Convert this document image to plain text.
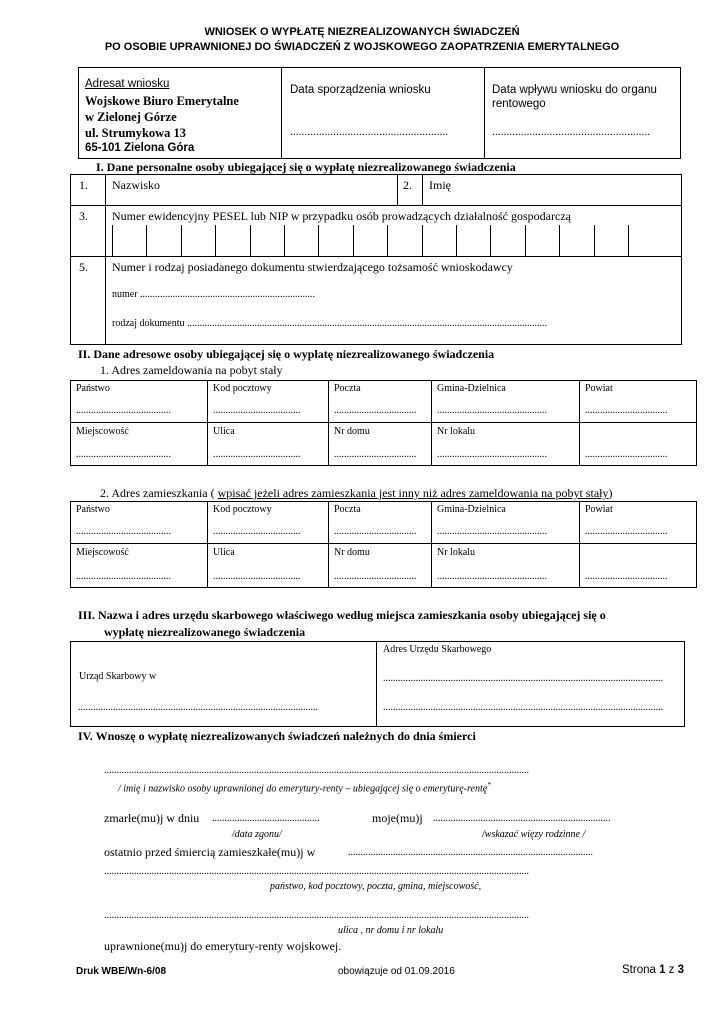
WNIOSEK O WYPŁATĘ NIEZREALIZOWANYCH ŚWIADCZEŃ
PO OSOBIE UPRAWNIONEJ DO ŚWIADCZEŃ Z WOJSKOWEGO ZAOPATRZENIA EMERYTALNEGO
Adresat wniosku
Wojskowe Biuro Emerytalne
w Zielonej Górze
ul. Strumykowa 13
65-101 Zielona Góra
Data sporządzenia wniosku
.......................................................
Data wpływu wniosku do organu
rentowego
.......................................................
I. Dane personalne osoby ubiegającej się o wypłatę niezrealizowanego świadczenia
1. Nazwisko	2. Imię
3. Numer ewidencyjny PESEL lub NIP w przypadku osób prowadzących działalność gospodarczą
5. Numer i rodzaj posiadanego dokumentu stwierdzającego tożsamość wnioskodawcy
numer ......................................................................
rodzaj dokumentu ................................................................................................................................................
II. Dane adresowe osoby ubiegającej się o wypłatę niezrealizowanego świadczenia
1. Adres zameldowania na pobyt stały
Państwo	Kod pocztowy	Poczta	Gmina-Dzielnica	Powiat
......................................	...................................	................................. ............................................	.................................
Miejscowość	Ulica	Nr domu	Nr lokalu
......................................	...................................	................................. ............................................	.................................
2. Adres zamieszkania ( wpisać jeżeli adres zamieszkania jest inny niż adres zameldowania na pobyt stały)
Państwo	Kod pocztowy	Poczta	Gmina-Dzielnica	Powiat
......................................	...................................	................................. ............................................	.................................
Miejscowość	Ulica	Nr domu	Nr lokalu
......................................	...................................	................................. ............................................	.................................
III. Nazwa i adres urzędu skarbowego właściwego według miejsca zamieszkania osoby ubiegającej się o
wypłatę niezrealizowanego świadczenia
Urząd Skarbowy w
................................................................................................
Adres Urzędu Skarbowego
................................................................................................................
................................................................................................................
IV. Wnoszę o wypłatę niezrealizowanych świadczeń należnych do dnia śmierci
..........................................................................................................................................................................
/ imię i nazwisko osoby uprawnionej do emerytury-renty – ubiegającej się o emeryturę-rentę*
zmarłe(mu)j w dniu ...........................................	moje(mu)j .......................................................................
/data zgonu/	/wskazać więzy rodzinne /
ostatnio przed śmiercią zamieszkałe(mu)j w	..................................................................................................
..........................................................................................................................................................................
państwo, kod pocztowy, poczta, gmina, miejscowość,
..........................................................................................................................................................................
ulica , nr domu i nr lokalu
uprawnione(mu)j do emerytury-renty wojskowej.
Druk WBE/Wn-6/08	obowiązuje od 01.09.2016	Strona 1 z 3
